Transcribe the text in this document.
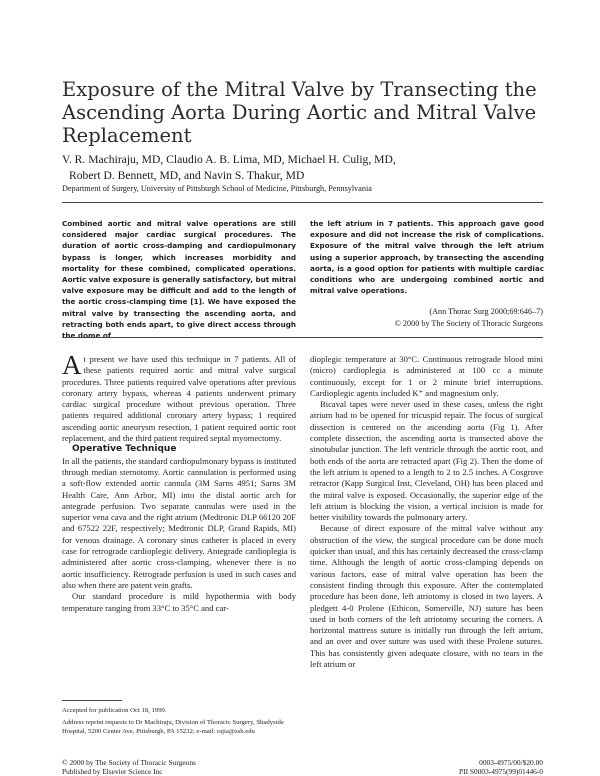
Exposure of the Mitral Valve by Transecting the Ascending Aorta During Aortic and Mitral Valve Replacement
V. R. Machiraju, MD, Claudio A. B. Lima, MD, Michael H. Culig, MD,
Robert D. Bennett, MD, and Navin S. Thakur, MD

Department of Surgery, University of Pittsburgh School of Medicine, Pittsburgh, Pennsylvania

Combined aortic and mitral valve operations are still considered major cardiac surgical procedures. The duration of aortic cross-damping and cardiopulmonary bypass is longer, which increases morbidity and mortality for these combined, complicated operations. Aortic valve exposure is generally satisfactory, but mitral valve exposure may be difficult and add to the length of the aortic cross-clamping time [1]. We have exposed the mitral valve by transecting the ascending aorta, and retracting both ends apart, to give direct access through the dome of

the left atrium in 7 patients. This approach gave good exposure and did not increase the risk of complications. Exposure of the mitral valve through the left atrium using a superior approach, by transecting the ascending aorta, is a good option for patients with multiple cardiac conditions who are undergoing combined aortic and mitral valve operations.

(Ann Thorac Surg 2000;69:646–7)

© 2000 by The Society of Thoracic Surgeons

At present we have used this technique in 7 patients. All of these patients required aortic and mitral valve surgical procedures. Three patients required valve operations after previous coronary artery bypass, whereas 4 patients underwent primary cardiac surgical procedure without previous operation. Three patients required additional coronary artery bypass; 1 required ascending aortic aneurysm resection, 1 patient required aortic root replacement, and the third patient required septal myomectomy.

Operative Technique

In all the patients, the standard cardiopulmonary bypass is instituted through median sternotomy. Aortic cannulation is performed using a soft-flow extended aortic cannula (3M Sarns 4951; Sarns 3M Health Care, Ann Arbor, MI) into the distal aortic arch for antegrade perfusion. Two separate cannulas were used in the superior vena cava and the right atrium (Medtronic DLP 66120 20F and 67522 22F, respectively; Medtronic DLP, Grand Rapids, MI) for venous drainage. A coronary sinus catheter is placed in every case for retrograde cardioplegic delivery. Antegrade cardioplegia is administered after aortic cross-clamping, whenever there is no aortic insufficiency. Retrograde perfusion is used in such cases and also when there are patent vein grafts.

Our standard procedure is mild hypothermia with body temperature ranging from 33°C to 35°C and car-

dioplegic temperature at 30°C. Continuous retrograde blood mini (micro) cardioplegia is administered at 100 cc a minute continuously, except for 1 or 2 minute brief interruptions. Cardioplegic agents included K⁺ and magnesium only.

Bicaval tapes were never used in these cases, unless the right atrium had to be opened for tricuspid repair. The focus of surgical dissection is centered on the ascending aorta (Fig 1). After complete dissection, the ascending aorta is transected above the sinotubular junction. The left ventricle through the aortic root, and both ends of the aorta are retracted apart (Fig 2). Then the dome of the left atrium is opened to a length to 2 to 2.5 inches. A Cosgrove retractor (Kapp Surgical Inst, Cleveland, OH) has been placed and the mitral valve is exposed. Occasionally, the superior edge of the left atrium is blocking the vision, a vertical incision is made for better visibility towards the pulmonary artery.

Because of direct exposure of the mitral valve without any obstruction of the view, the surgical procedure can be done much quicker than usual, and this has certainly decreased the cross-clamp time. Although the length of aortic cross-clamping depends on various factors, ease of mitral valve operation has been the consistent finding through this exposure. After the contemplated procedure has been done, left atriotomy is closed in two layers. A pledgett 4-0 Prolene (Ethicon, Somerville, NJ) suture has been used in both corners of the left atriotomy securing the corners. A horizontal mattress suture is initially run through the left atrium, and an over and over suture was used with these Prolene sutures. This has consistently given adequate closure, with no tears in the left atrium or

Accepted for publication Oct 18, 1999.

Address reprint requests to Dr Machiraju, Division of Thoracic Surgery, Shadyside Hospital, 5200 Center Ave, Pittsburgh, PA 15232; e-mail: rajia@ssh.edu

© 2000 by The Society of Thoracic Surgeons
Published by Elsevier Science Inc
0003-4975/00/$20.00
PII S0003-4975(99)01446-0
